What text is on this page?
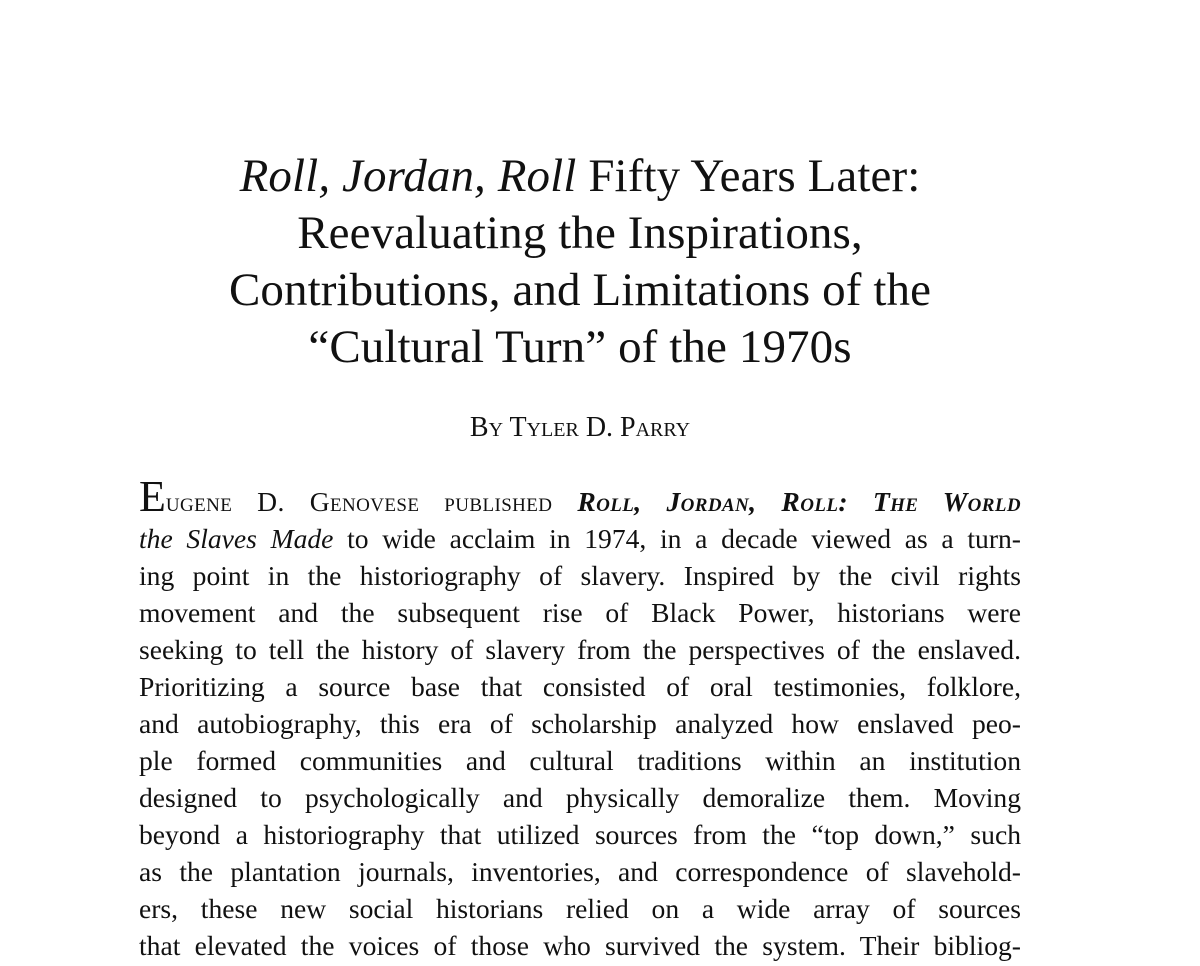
Roll, Jordan, Roll Fifty Years Later:
Reevaluating the Inspirations,
Contributions, and Limitations of the
“Cultural Turn” of the 1970s
By Tyler D. Parry
Eugene D. Genovese published Roll, Jordan, Roll: The World
the Slaves Made to wide acclaim in 1974, in a decade viewed as a turn-
ing point in the historiography of slavery. Inspired by the civil rights
movement and the subsequent rise of Black Power, historians were
seeking to tell the history of slavery from the perspectives of the enslaved.
Prioritizing a source base that consisted of oral testimonies, folklore,
and autobiography, this era of scholarship analyzed how enslaved peo-
ple formed communities and cultural traditions within an institution
designed to psychologically and physically demoralize them. Moving
beyond a historiography that utilized sources from the “top down,” such
as the plantation journals, inventories, and correspondence of slavehold-
ers, these new social historians relied on a wide array of sources
that elevated the voices of those who survived the system. Their bibliog-
